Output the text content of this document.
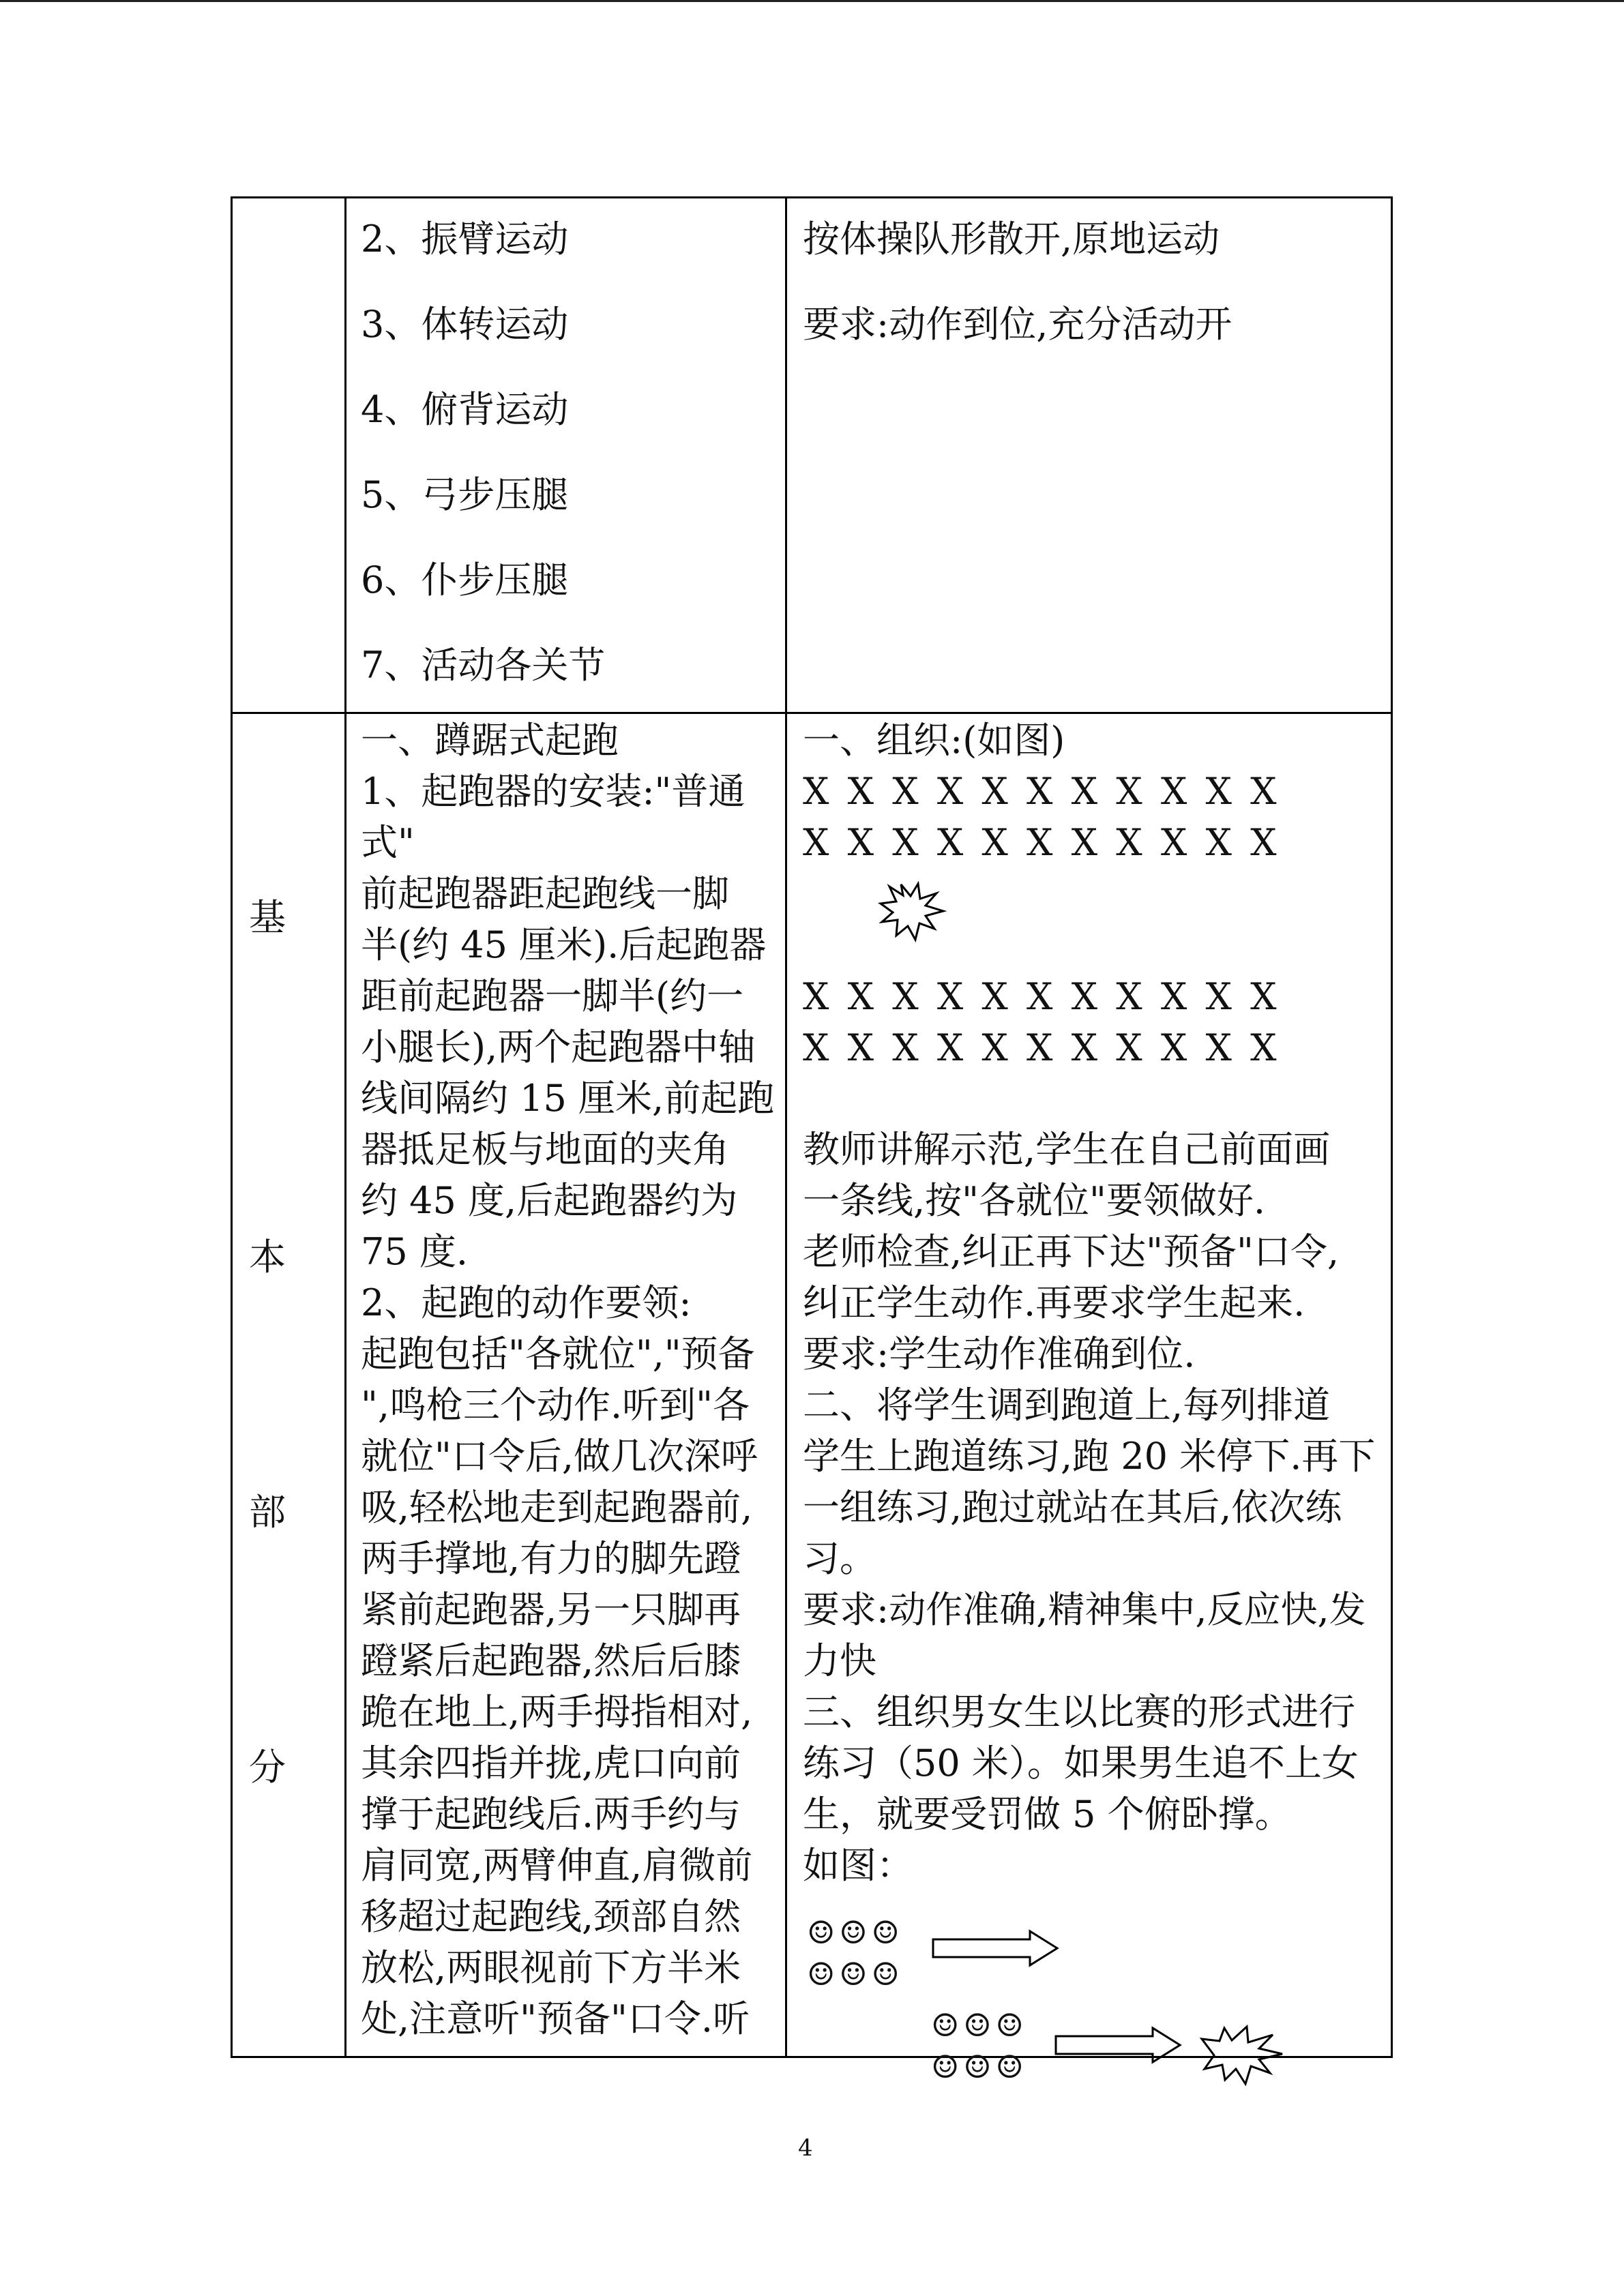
2、振臂运动
3、体转运动
4、俯背运动
5、弓步压腿
6、仆步压腿
7、活动各关节
按体操队形散开,原地运动
要求:动作到位,充分活动开
基
本
部
分
一、蹲踞式起跑
1、起跑器的安装:"普通
式"
前起跑器距起跑线一脚
半(约 45 厘米).后起跑器
距前起跑器一脚半(约一
小腿长),两个起跑器中轴
线间隔约 15 厘米,前起跑
器抵足板与地面的夹角
约 45 度,后起跑器约为
75 度.
2、起跑的动作要领:
起跑包括"各就位","预备
",鸣枪三个动作.听到"各
就位"口令后,做几次深呼
吸,轻松地走到起跑器前,
两手撑地,有力的脚先蹬
紧前起跑器,另一只脚再
蹬紧后起跑器,然后后膝
跪在地上,两手拇指相对,
其余四指并拢,虎口向前
撑于起跑线后.两手约与
肩同宽,两臂伸直,肩微前
移超过起跑线,颈部自然
放松,两眼视前下方半米
处,注意听"预备"口令.听
一、组织:(如图)
X X X X X X X X X X X
X X X X X X X X X X X
X X X X X X X X X X X
X X X X X X X X X X X
教师讲解示范,学生在自己前面画
一条线,按"各就位"要领做好.
老师检查,纠正再下达"预备"口令,
纠正学生动作.再要求学生起来.
要求:学生动作准确到位.
二、将学生调到跑道上,每列排道
学生上跑道练习,跑 20 米停下.再下
一组练习,跑过就站在其后,依次练
习。
要求:动作准确,精神集中,反应快,发
力快
三、组织男女生以比赛的形式进行
练习（50 米）。如果男生追不上女
生，就要受罚做 5 个俯卧撑。
如图：
☺☺☺
☺☺☺
☺☺☺
☺☺☺
4
